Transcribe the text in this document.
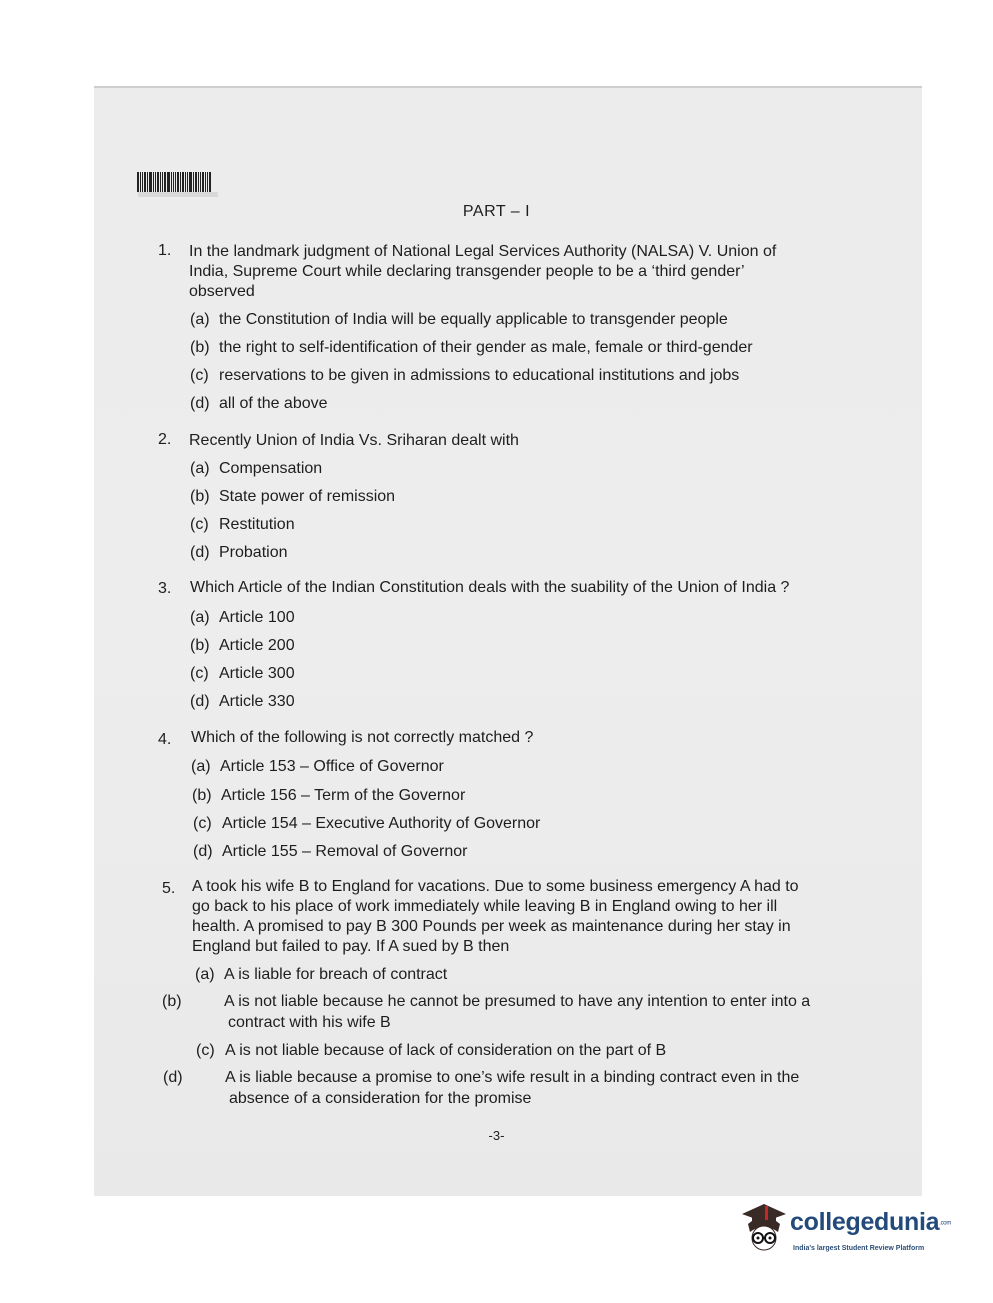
PART – I
1. In the landmark judgment of National Legal Services Authority (NALSA) V. Union of India, Supreme Court while declaring transgender people to be a ‘third gender’ observed
(a) the Constitution of India will be equally applicable to transgender people
(b) the right to self-identification of their gender as male, female or third-gender
(c) reservations to be given in admissions to educational institutions and jobs
(d) all of the above
2. Recently Union of India Vs. Sriharan dealt with
(a) Compensation
(b) State power of remission
(c) Restitution
(d) Probation
3. Which Article of the Indian Constitution deals with the suability of the Union of India ?
(a) Article 100
(b) Article 200
(c) Article 300
(d) Article 330
4. Which of the following is not correctly matched ?
(a) Article 153 – Office of Governor
(b) Article 156 – Term of the Governor
(c) Article 154 – Executive Authority of Governor
(d) Article 155 – Removal of Governor
5. A took his wife B to England for vacations. Due to some business emergency A had to go back to his place of work immediately while leaving B in England owing to her ill health. A promised to pay B 300 Pounds per week as maintenance during her stay in England but failed to pay. If A sued by B then
(a) A is liable for breach of contract
(b)	A is not liable because he cannot be presumed to have any intention to enter into a contract with his wife B
(c) A is not liable because of lack of consideration on the part of B
(d)	A is liable because a promise to one’s wife result in a binding contract even in the absence of a consideration for the promise
-3-
collegedunia.com
India's largest Student Review Platform
